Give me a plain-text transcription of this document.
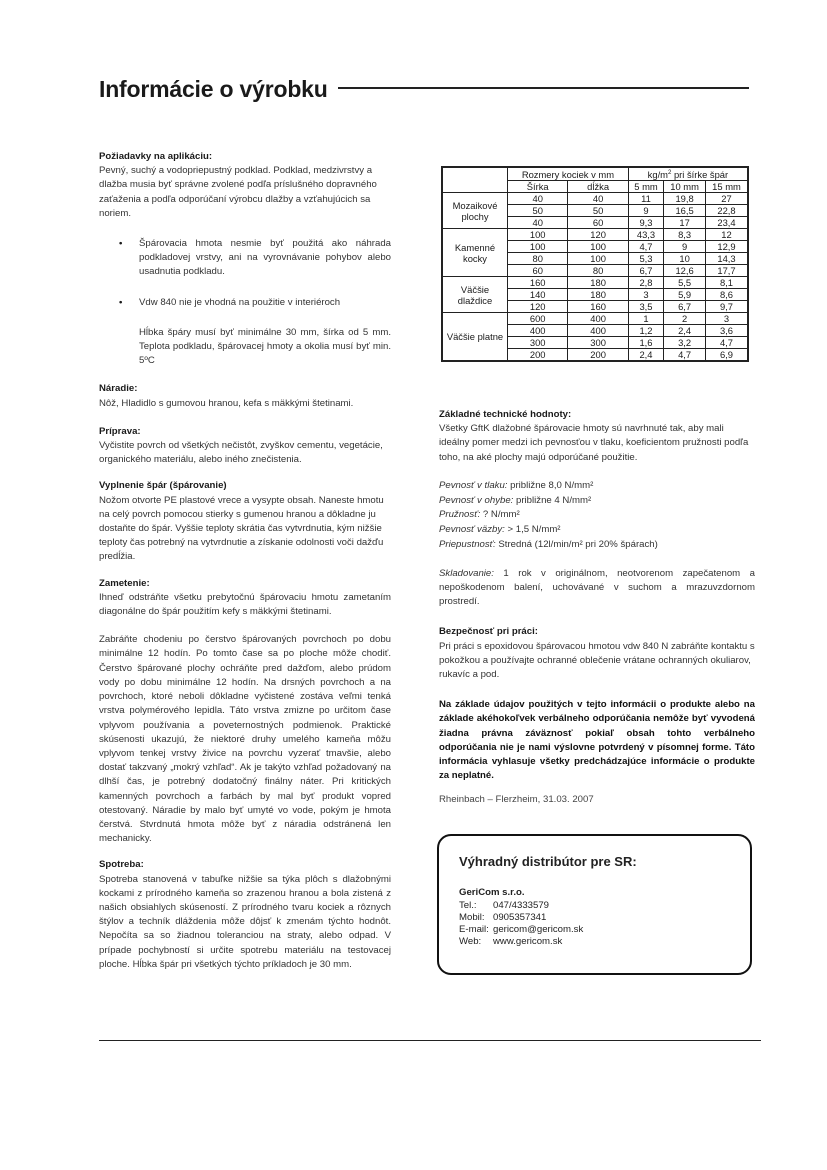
Informácie o výrobku
Požiadavky na aplikáciu:
Pevný, suchý a vodopriepustný podklad. Podklad, medzivrstvy a dlažba musia byť správne zvolené podľa príslušného dopravného zaťaženia a podľa odporúčaní výrobcu dlažby a vzťahujúcich sa noriem.
•	Špárovacia hmota nesmie byť použitá ako náhrada podkladovej vrstvy, ani na vyrovnávanie pohybov alebo usadnutia podkladu.
•	Vdw 840 nie je vhodná na použitie v interiéroch
Hĺbka špáry musí byť minimálne 30 mm, šírka od 5 mm. Teplota podkladu, špárovacej hmoty a okolia musí byť min. 5ºC
Náradie:
Nôž, Hladidlo s gumovou hranou, kefa s mäkkými štetinami.
Príprava:
Vyčistite povrch od všetkých nečistôt, zvyškov cementu, vegetácie, organického materiálu, alebo iného znečistenia.
Vyplnenie špár (špárovanie)
Nožom otvorte PE plastové vrece a vysypte obsah. Naneste hmotu na celý povrch pomocou stierky s gumenou hranou a dôkladne ju dostaňte do špár. Vyššie teploty skrátia čas vytvrdnutia, kým nižšie teploty čas potrebný na vytvrdnutie a získanie odolnosti voči dažďu predĺžia.
Zametenie:
Ihneď odstráňte všetku prebytočnú špárovaciu hmotu zametaním diagonálne do špár použitím kefy s mäkkými štetinami.
Zabráňte chodeniu po čerstvo špárovaných povrchoch po dobu minimálne 12 hodín. Po tomto čase sa po ploche môže chodiť. Čerstvo špárované plochy ochráňte pred dažďom, alebo prúdom vody po dobu minimálne 12 hodín. Na drsných povrchoch a na povrchoch, ktoré neboli dôkladne vyčistené zostáva veľmi tenká vrstva polymérového lepidla. Táto vrstva zmizne po určitom čase vplyvom používania a poveternostných podmienok. Praktické skúsenosti ukazujú, že niektoré druhy umelého kameňa môžu vplyvom tenkej vrstvy živice na povrchu vyzerať tmavšie, alebo dostať takzvaný „mokrý vzhľad“. Ak je takýto vzhľad požadovaný na dlhší čas, je potrebný dodatočný finálny náter. Pri kritických kamenných povrchoch a farbách by mal byť produkt vopred otestovaný. Náradie by malo byť umyté vo vode, pokým je hmota čerstvá. Stvrdnutá hmota môže byť z náradia odstránená len mechanicky.
Spotreba:
Spotreba stanovená v tabuľke nižšie sa týka plôch s dlažobnými kockami z prírodného kameňa so zrazenou hranou a bola zistená z našich obsiahlych skúseností. Z prírodného tvaru kociek a rôznych štýlov a techník dláždenia môže dôjsť k zmenám týchto hodnôt. Nepočíta sa so žiadnou toleranciou na straty, alebo odpad. V prípade pochybností si určite spotrebu materiálu na testovacej ploche. Hĺbka špár pri všetkých týchto príkladoch je 30 mm.
	Rozmery kociek v mm		$kg/m^2$ pri šírke špár		
	Šírka	dĺžka	5 mm	10 mm	15 mm
Mozaikové plochy	40	40	11	19,8	27
	50	50	9	16,5	22,8
	40	60	9,3	17	23,4
Kamenné kocky	100	120	43,3	8,3	12
	100	100	4,7	9	12,9
	80	100	5,3	10	14,3
	60	80	6,7	12,6	17,7
Väčšie dlaždice	160	180	2,8	5,5	8,1
	140	180	3	5,9	8,6
	120	160	3,5	6,7	9,7
Väčšie platne	600	400	1	2	3
	400	400	1,2	2,4	3,6
	300	300	1,6	3,2	4,7
	200	200	2,4	4,7	6,9
Základné technické hodnoty:
Všetky GftK dlažobné špárovacie hmoty sú navrhnuté tak, aby mali ideálny pomer medzi ich pevnosťou v tlaku, koeficientom pružnosti podľa toho, na aké plochy majú odporúčané použitie.
Pevnosť v tlaku: približne 8,0 N/mm²
Pevnosť v ohybe: približne 4 N/mm²
Pružnosť: ? N/mm²
Pevnosť väzby: > 1,5 N/mm²
Priepustnosť: Stredná (12l/min/m² pri 20% špárach)
Skladovanie: 1 rok v originálnom, neotvorenom zapečatenom a nepoškodenom balení, uchovávané v suchom a mrazuvzdornom prostredí.
Bezpečnosť pri práci:
Pri práci s epoxidovou špárovacou hmotou vdw 840 N zabráňte kontaktu s pokožkou a používajte ochranné oblečenie vrátane ochranných okuliarov, rukavíc a pod.
Na základe údajov použitých v tejto informácii o produkte alebo na základe akéhokoľvek verbálneho odporúčania nemôže byť vyvodená žiadna právna záväznosť pokiaľ obsah tohto verbálneho odporúčania nie je nami výslovne potvrdený v písomnej forme. Táto informácia vyhlasuje všetky predchádzajúce informácie o produkte za neplatné.
Rheinbach – Flerzheim, 31.03. 2007
Výhradný distribútor pre SR:
GeriCom s.r.o.
Tel.:	047/4333579
Mobil: 0905357341
E-mail: gericom@gericom.sk
Web:	www.gericom.sk
